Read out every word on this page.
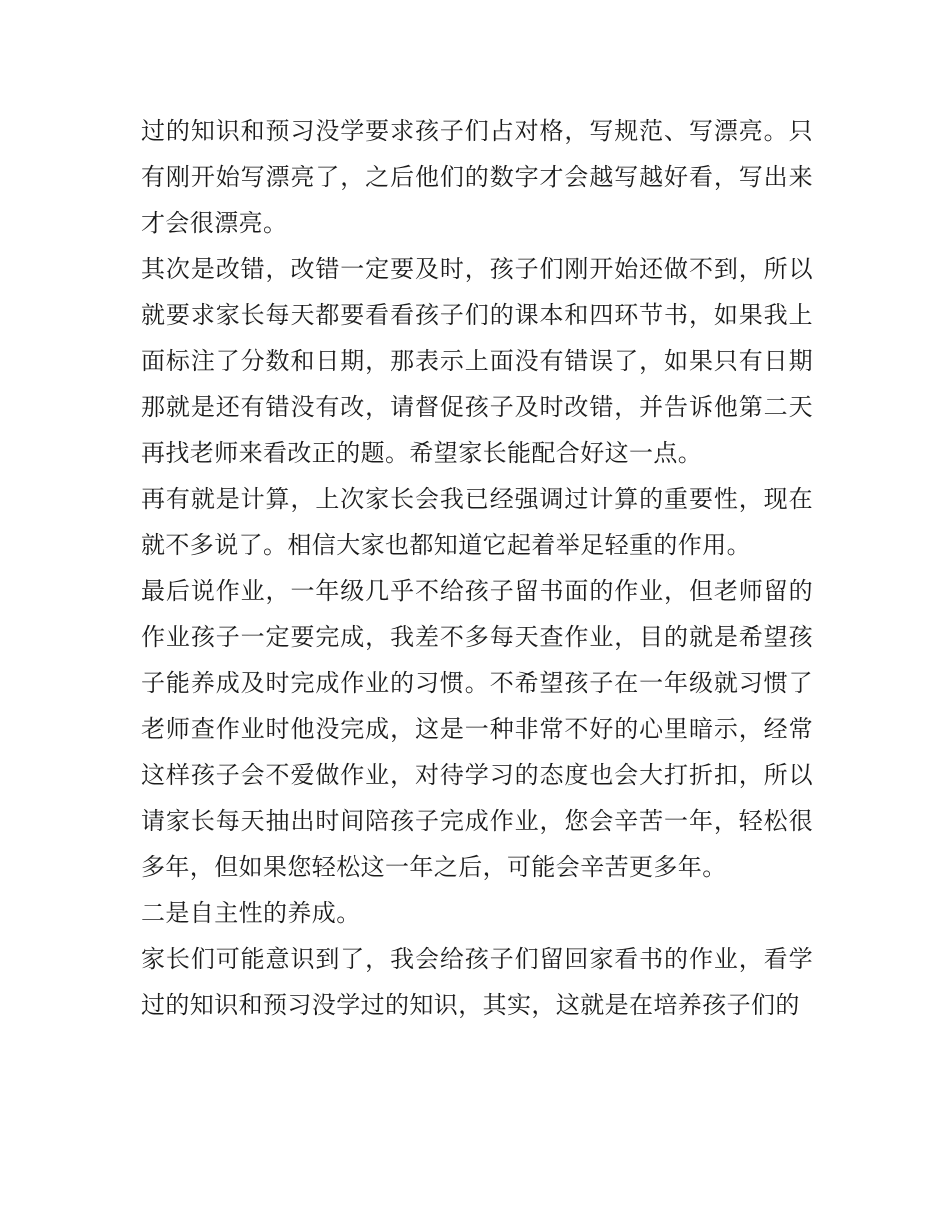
过的知识和预习没学要求孩子们占对格，写规范、写漂亮。只有刚开始写漂亮了，之后他们的数字才会越写越好看，写出来才会很漂亮。

其次是改错，改错一定要及时，孩子们刚开始还做不到，所以就要求家长每天都要看看孩子们的课本和四环节书，如果我上面标注了分数和日期，那表示上面没有错误了，如果只有日期那就是还有错没有改，请督促孩子及时改错，并告诉他第二天再找老师来看改正的题。希望家长能配合好这一点。

再有就是计算，上次家长会我已经强调过计算的重要性，现在就不多说了。相信大家也都知道它起着举足轻重的作用。

最后说作业，一年级几乎不给孩子留书面的作业，但老师留的作业孩子一定要完成，我差不多每天查作业，目的就是希望孩子能养成及时完成作业的习惯。不希望孩子在一年级就习惯了老师查作业时他没完成，这是一种非常不好的心里暗示，经常这样孩子会不爱做作业，对待学习的态度也会大打折扣，所以请家长每天抽出时间陪孩子完成作业，您会辛苦一年，轻松很多年，但如果您轻松这一年之后，可能会辛苦更多年。

二是自主性的养成。

家长们可能意识到了，我会给孩子们留回家看书的作业，看学过的知识和预习没学过的知识，其实，这就是在培养孩子们的
